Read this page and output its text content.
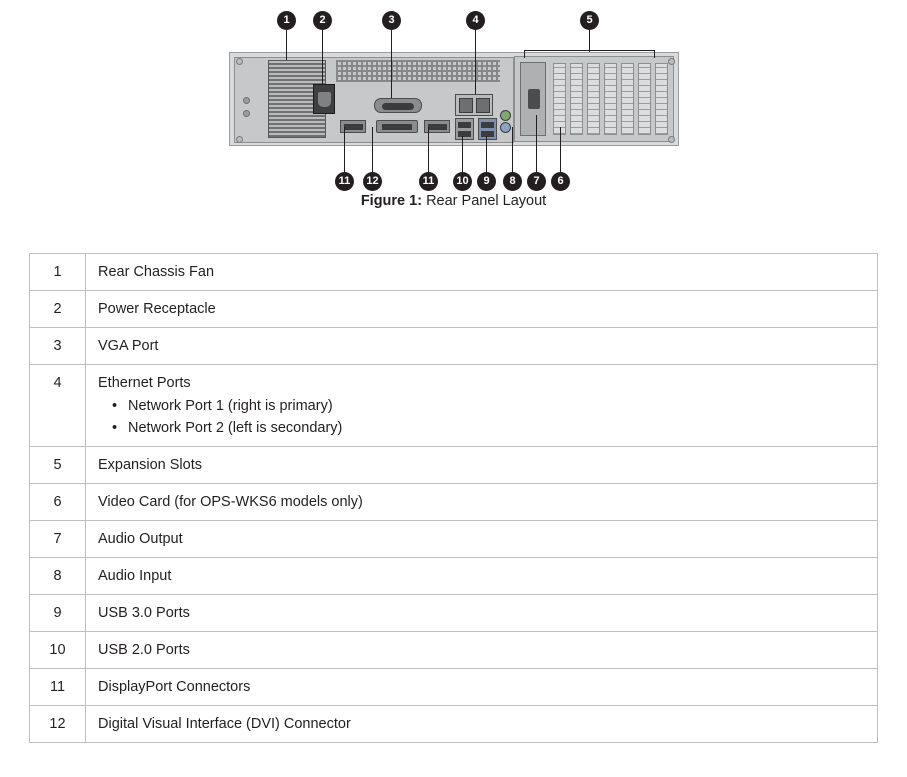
1	2	3	4	5
11	12	11	10	9	8	7	6
Figure 1: Rear Panel Layout
1	Rear Chassis Fan
2	Power Receptacle
3	VGA Port
4	Ethernet Ports
• Network Port 1 (right is primary)
• Network Port 2 (left is secondary)

5	Expansion Slots
6	Video Card (for OPS-WKS6 models only)
7	Audio Output
8	Audio Input
9	USB 3.0 Ports
10	USB 2.0 Ports
11	DisplayPort Connectors
12	Digital Visual Interface (DVI) Connector
